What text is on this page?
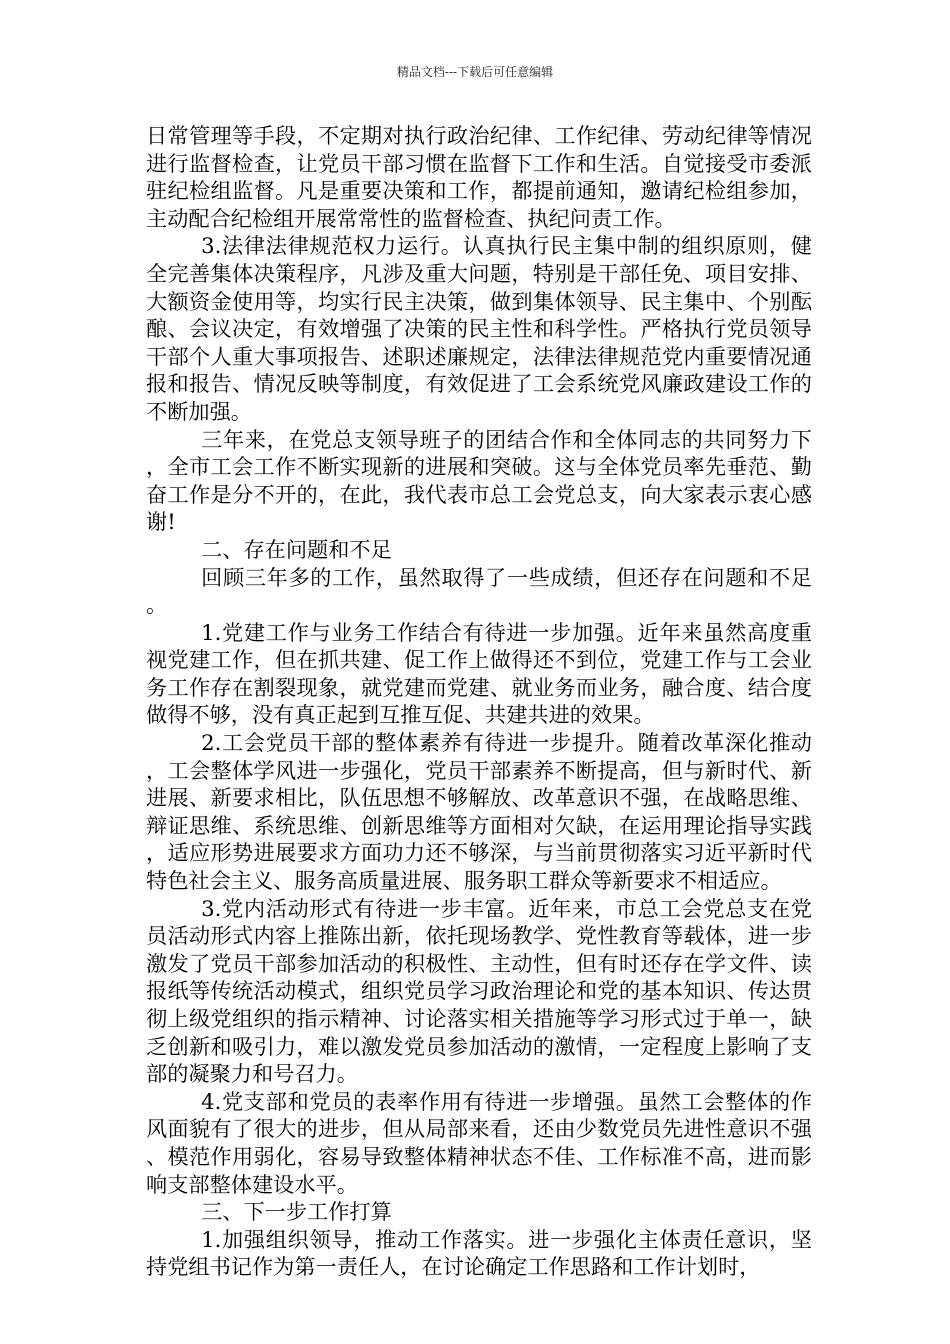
精品文档---下载后可任意编辑

日常管理等手段，不定期对执行政治纪律、工作纪律、劳动纪律等情况进行监督检查，让党员干部习惯在监督下工作和生活。自觉接受市委派驻纪检组监督。凡是重要决策和工作，都提前通知，邀请纪检组参加，主动配合纪检组开展常常性的监督检查、执纪问责工作。

3.法律法律规范权力运行。认真执行民主集中制的组织原则，健全完善集体决策程序，凡涉及重大问题，特别是干部任免、项目安排、大额资金使用等，均实行民主决策，做到集体领导、民主集中、个别酝酿、会议决定，有效增强了决策的民主性和科学性。严格执行党员领导干部个人重大事项报告、述职述廉规定，法律法律规范党内重要情况通报和报告、情况反映等制度，有效促进了工会系统党风廉政建设工作的不断加强。

三年来，在党总支领导班子的团结合作和全体同志的共同努力下，全市工会工作不断实现新的进展和突破。这与全体党员率先垂范、勤奋工作是分不开的，在此，我代表市总工会党总支，向大家表示衷心感谢!

二、存在问题和不足

回顾三年多的工作，虽然取得了一些成绩，但还存在问题和不足。

1.党建工作与业务工作结合有待进一步加强。近年来虽然高度重视党建工作，但在抓共建、促工作上做得还不到位，党建工作与工会业务工作存在割裂现象，就党建而党建、就业务而业务，融合度、结合度做得不够，没有真正起到互推互促、共建共进的效果。

2.工会党员干部的整体素养有待进一步提升。随着改革深化推动，工会整体学风进一步强化，党员干部素养不断提高，但与新时代、新进展、新要求相比，队伍思想不够解放、改革意识不强，在战略思维、辩证思维、系统思维、创新思维等方面相对欠缺，在运用理论指导实践，适应形势进展要求方面功力还不够深，与当前贯彻落实习近平新时代特色社会主义、服务高质量进展、服务职工群众等新要求不相适应。

3.党内活动形式有待进一步丰富。近年来，市总工会党总支在党员活动形式内容上推陈出新，依托现场教学、党性教育等载体，进一步激发了党员干部参加活动的积极性、主动性，但有时还存在学文件、读报纸等传统活动模式，组织党员学习政治理论和党的基本知识、传达贯彻上级党组织的指示精神、讨论落实相关措施等学习形式过于单一，缺乏创新和吸引力，难以激发党员参加活动的激情，一定程度上影响了支部的凝聚力和号召力。

4.党支部和党员的表率作用有待进一步增强。虽然工会整体的作风面貌有了很大的进步，但从局部来看，还由少数党员先进性意识不强、模范作用弱化，容易导致整体精神状态不佳、工作标准不高，进而影响支部整体建设水平。

三、下一步工作打算

1.加强组织领导，推动工作落实。进一步强化主体责任意识，坚持党组书记作为第一责任人，在讨论确定工作思路和工作计划时，
